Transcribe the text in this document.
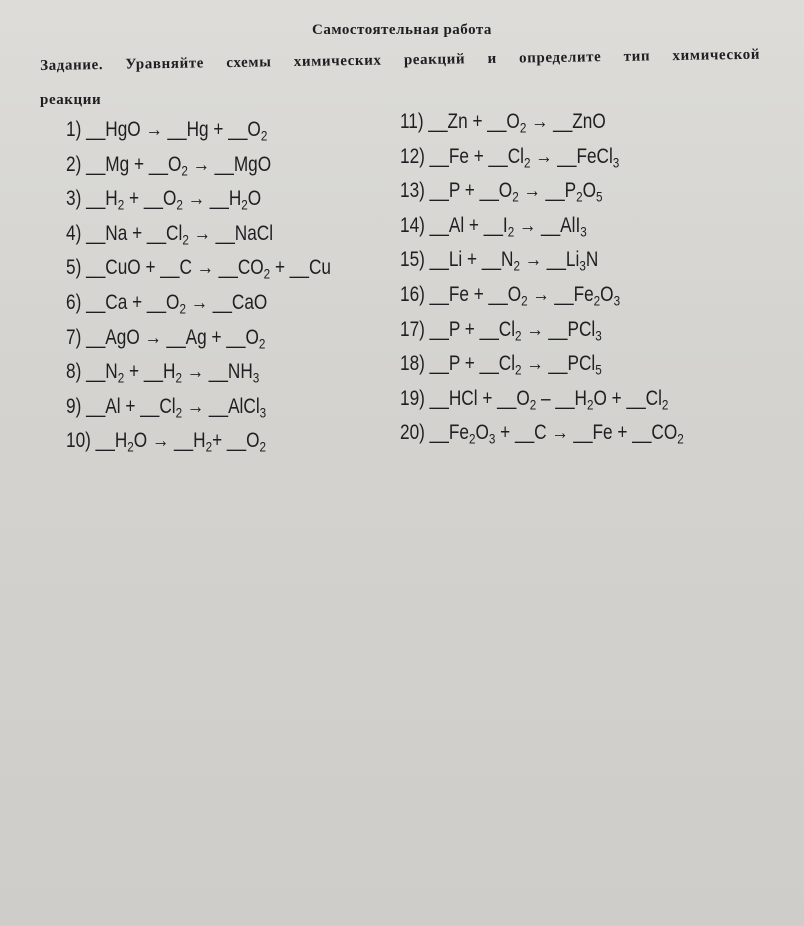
Самостоятельная работа
Задание. Уравняйте схемы химических реакций и определите тип химической
реакции
1) __HgO → __Hg + $\_\_O_2$
2) __Mg + $\_\_O_2$ → __MgO
3) $\_\_H_2$ + $\_\_O_2$ → $\_\_H_2O$
4) __Na + $\_\_Cl_2$ → __NaCl
5) __CuO + __C → $\_\_CO_2$ + __Cu
6) __Ca + $\_\_O_2$ → __CaO
7) __AgO → __Ag + $\_\_O_2$
8) $\_\_N_2$ + $\_\_H_2$ → $\_\_NH_3$
9) __Al + $\_\_Cl_2$ → __AlCl$_3$
10) $\_\_H_2O$ → $\_\_H_2+$ $\_\_O_2$
11) __Zn + $\_\_O_2$ → __ZnO
12) __Fe + $\_\_Cl_2$ → __FeCl$_3$
13) __P + $\_\_O_2$ → $\_\_P_2O_5$
14) __Al + $\_\_I_2$ → __AlI$_3$
15) __Li + $\_\_N_2$ → $\_\_Li_3N$
16) __Fe + $\_\_O_2$ → $\_\_Fe_2O_3$
17) __P + $\_\_Cl_2$ → __PCl$_3$
18) __P + $\_\_Cl_2$ → __PCl$_5$
19) __HCl + $\_\_O_2$ – $\_\_H_2O$ + $\_\_Cl_2$
20) $\_\_Fe_2O_3$ + __C → __Fe + $\_\_CO_2$
